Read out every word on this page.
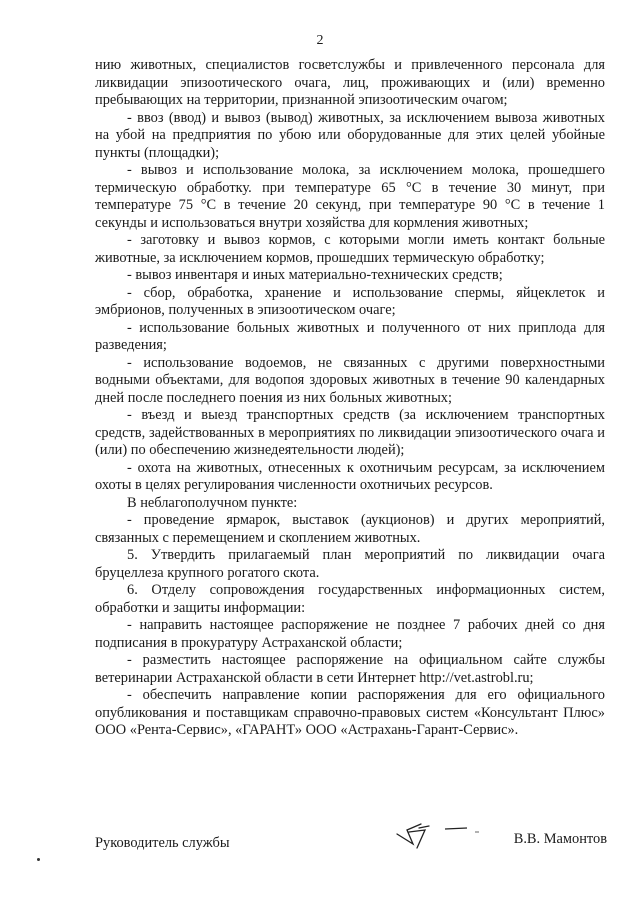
2

нию животных, специалистов госветслужбы и привлеченного персонала для ликвидации эпизоотического очага, лиц, проживающих и (или) временно пребывающих на территории, признанной эпизоотическим очагом;

- ввоз (ввод) и вывоз (вывод) животных, за исключением вывоза животных на убой на предприятия по убою или оборудованные для этих целей убойные пункты (площадки);

- вывоз и использование молока, за исключением молока, прошедшего термическую обработку. при температуре 65 °С в течение 30 минут, при температуре 75 °С в течение 20 секунд, при температуре 90 °С в течение 1 секунды и использоваться внутри хозяйства для кормления животных;

- заготовку и вывоз кормов, с которыми могли иметь контакт больные животные, за исключением кормов, прошедших термическую обработку;

- вывоз инвентаря и иных материально-технических средств;

- сбор, обработка, хранение и использование спермы, яйцеклеток и эмбрионов, полученных в эпизоотическом очаге;

- использование больных животных и полученного от них приплода для разведения;

- использование водоемов, не связанных с другими поверхностными водными объектами, для водопоя здоровых животных в течение 90 календарных дней после последнего поения из них больных животных;

- въезд и выезд транспортных средств (за исключением транспортных средств, задействованных в мероприятиях по ликвидации эпизоотического очага и (или) по обеспечению жизнедеятельности людей);

- охота на животных, отнесенных к охотничьим ресурсам, за исключением охоты в целях регулирования численности охотничьих ресурсов.

В неблагополучном пункте:

- проведение ярмарок, выставок (аукционов) и других мероприятий, связанных с перемещением и скоплением животных.

5. Утвердить прилагаемый план мероприятий по ликвидации очага бруцеллеза крупного рогатого скота.

6. Отделу сопровождения государственных информационных систем, обработки и защиты информации:

- направить настоящее распоряжение не позднее 7 рабочих дней со дня подписания в прокуратуру Астраханской области;

- разместить настоящее распоряжение на официальном сайте службы ветеринарии Астраханской области в сети Интернет http://vet.astrobl.ru;

- обеспечить направление копии распоряжения для его официального опубликования и поставщикам справочно-правовых систем «Консультант Плюс» ООО «Рента-Сервис», «ГАРАНТ» ООО «Астрахань-Гарант-Сервис».

Руководитель службы	В.В. Мамонтов
